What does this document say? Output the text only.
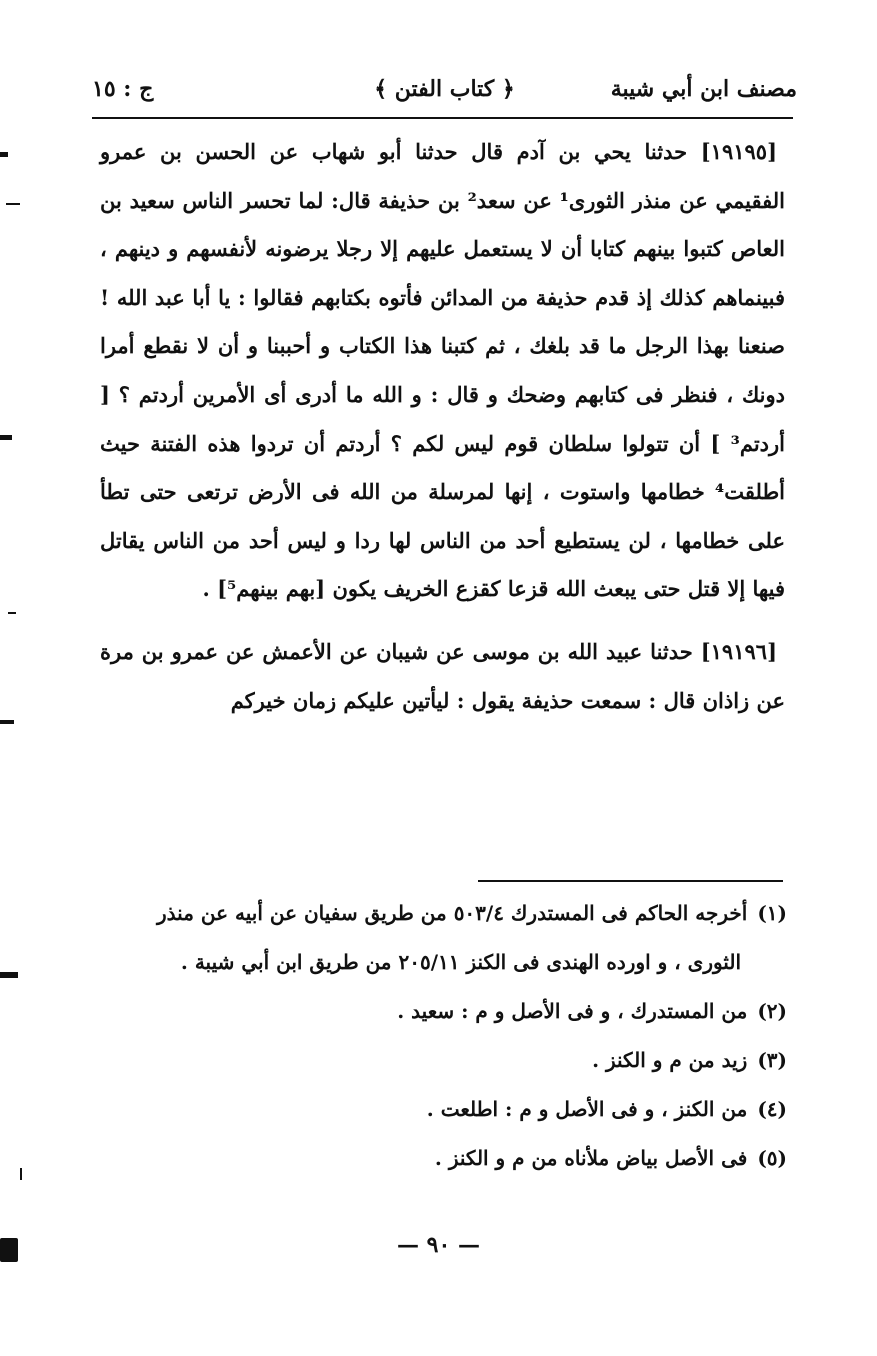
مصنف ابن أبي شيبة
﴿ كتاب الفتن ﴾
ج : ١٥

[١٩١٩٥] حدثنا يحي بن آدم قال حدثنا أبو شهاب عن الحسن بن عمرو الفقيمي عن منذر الثورى¹ عن سعد² بن حذيفة قال: لما تحسر الناس سعيد بن العاص كتبوا بينهم كتابا أن لا يستعمل عليهم إلا رجلا يرضونه لأنفسهم و دينهم ، فبينماهم كذلك إذ قدم حذيفة من المدائن فأتوه بكتابهم فقالوا : يا أبا عبد الله ! صنعنا بهذا الرجل ما قد بلغك ، ثم كتبنا هذا الكتاب و أحببنا و أن لا نقطع أمرا دونك ، فنظر فى كتابهم وضحك و قال : و الله ما أدرى أى الأمرين أردتم ؟ [ أردتم³ ] أن تتولوا سلطان قوم ليس لكم ؟ أردتم أن تردوا هذه الفتنة حيث أطلقت⁴ خطامها واستوت ، إنها لمرسلة من الله فى الأرض ترتعى حتى تطأ على خطامها ، لن يستطيع أحد من الناس لها ردا و ليس أحد من الناس يقاتل فيها إلا قتل حتى يبعث الله قزعا كقزع الخريف يكون [بهم بينهم⁵] .

[١٩١٩٦] حدثنا عبيد الله بن موسى عن شيبان عن الأعمش عن عمرو بن مرة عن زاذان قال : سمعت حذيفة يقول : ليأتين عليكم زمان خيركم

(١)أخرجه الحاكم فى المستدرك ٥٠٣/٤ من طريق سفيان عن أبيه عن منذر

الثورى ، و اورده الهندى فى الكنز ٢٠٥/١١ من طريق ابن أبي شيبة .

(٢)من المستدرك ، و فى الأصل و م : سعيد .

(٣)زيد من م و الكنز .

(٤)من الكنز ، و فى الأصل و م : اطلعت .

(٥)فى الأصل بياض ملأناه من م و الكنز .

— ٩٠ —
